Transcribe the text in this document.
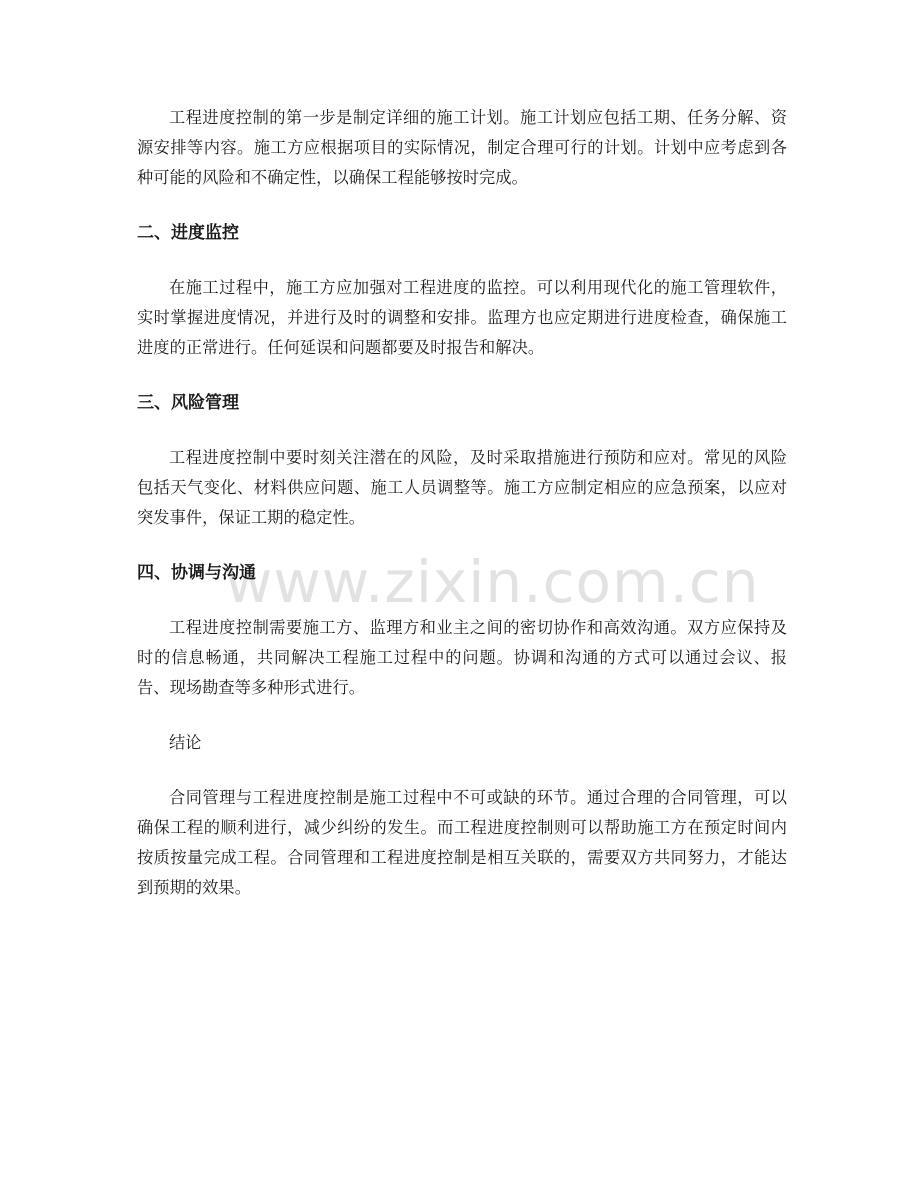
工程进度控制的第一步是制定详细的施工计划。施工计划应包括工期、任务分解、资源安排等内容。施工方应根据项目的实际情况，制定合理可行的计划。计划中应考虑到各种可能的风险和不确定性，以确保工程能够按时完成。

二、进度监控

在施工过程中，施工方应加强对工程进度的监控。可以利用现代化的施工管理软件，实时掌握进度情况，并进行及时的调整和安排。监理方也应定期进行进度检查，确保施工进度的正常进行。任何延误和问题都要及时报告和解决。

三、风险管理

工程进度控制中要时刻关注潜在的风险，及时采取措施进行预防和应对。常见的风险包括天气变化、材料供应问题、施工人员调整等。施工方应制定相应的应急预案，以应对突发事件，保证工期的稳定性。

四、协调与沟通

工程进度控制需要施工方、监理方和业主之间的密切协作和高效沟通。双方应保持及时的信息畅通，共同解决工程施工过程中的问题。协调和沟通的方式可以通过会议、报告、现场勘查等多种形式进行。

结论

合同管理与工程进度控制是施工过程中不可或缺的环节。通过合理的合同管理，可以确保工程的顺利进行，减少纠纷的发生。而工程进度控制则可以帮助施工方在预定时间内按质按量完成工程。合同管理和工程进度控制是相互关联的，需要双方共同努力，才能达到预期的效果。

www.zixin.com.cn
